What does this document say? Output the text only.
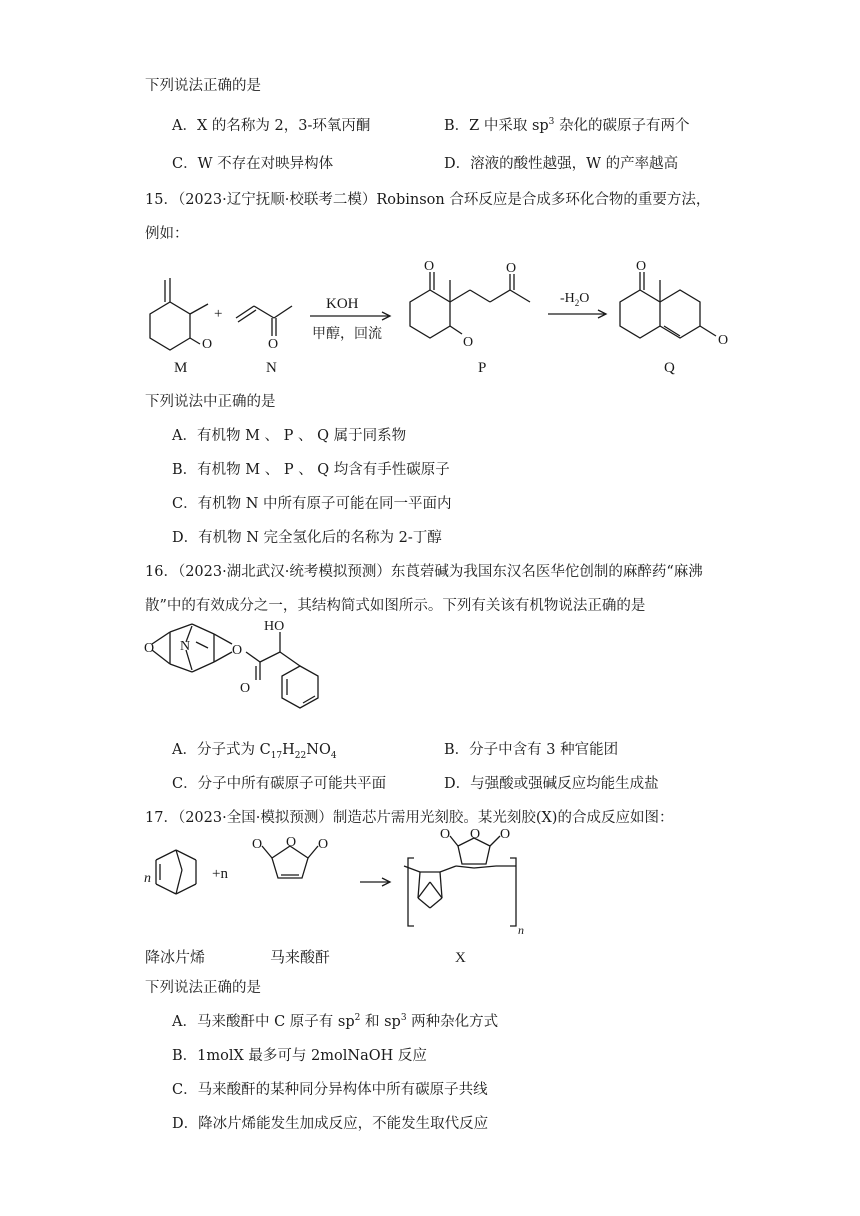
下列说法正确的是
A．X 的名称为 2，3-环氧丙酮	B．Z 中采取 $sp^3$ 杂化的碳原子有两个
C．W 不存在对映异构体	D．溶液的酸性越强，W 的产率越高
15．（2023·辽宁抚顺·校联考二模）Robinson 合环反应是合成多环化合物的重要方法，
例如：
O	O
O
O
O	O
O
+
KOH
甲醇，回流
$-H_2O$
M	N	P	Q
下列说法中正确的是
A．有机物 M 、 P 、 Q 属于同系物
B．有机物 M 、 P 、 Q 均含有手性碳原子
C．有机物 N 中所有原子可能在同一平面内
D．有机物 N 完全氢化后的名称为 2-丁醇
16．（2023·湖北武汉·统考模拟预测）东莨菪碱为我国东汉名医华佗创制的麻醉药“麻沸
散”中的有效成分之一，其结构简式如图所示。下列有关该有机物说法正确的是
O N	O
O
HO
A．分子式为 $C_{17}H_{22}NO_4$	B．分子中含有 3 种官能团
C．分子中所有碳原子可能共平面	D．与强酸或强碱反应均能生成盐
17．（2023·全国·模拟预测）制造芯片需用光刻胶。某光刻胶(X)的合成反应如图：
n	+n
O O O
O O O
n
降冰片烯	马来酸酐	X
下列说法正确的是
A．马来酸酐中 C 原子有 $sp^2$ 和 $sp^3$ 两种杂化方式
B．1molX 最多可与 2molNaOH 反应
C．马来酸酐的某种同分异构体中所有碳原子共线
D．降冰片烯能发生加成反应，不能发生取代反应
